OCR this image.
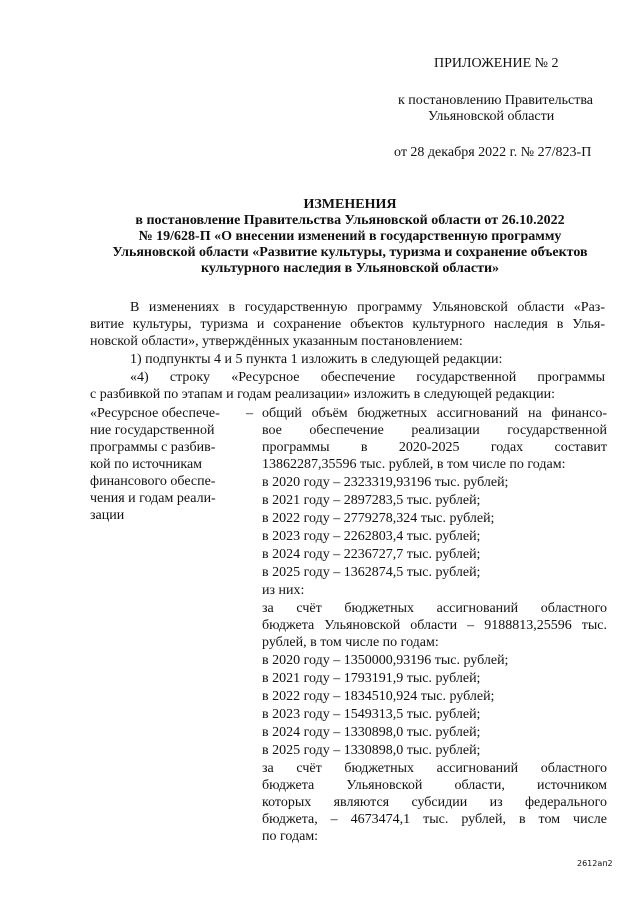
ПРИЛОЖЕНИЕ № 2
к постановлению Правительства
Ульяновской области
от 28 декабря 2022 г. № 27/823-П
ИЗМЕНЕНИЯ
в постановление Правительства Ульяновской области от 26.10.2022
№ 19/628-П «О внесении изменений в государственную программу
Ульяновской области «Развитие культуры, туризма и сохранение объектов
культурного наследия в Ульяновской области»
В изменениях в государственную программу Ульяновской области «Раз-
витие культуры, туризма и сохранение объектов культурного наследия в Улья-
новской области», утверждённых указанным постановлением:
1) подпункты 4 и 5 пункта 1 изложить в следующей редакции:
«4) строку «Ресурсное обеспечение государственной программы
с разбивкой по этапам и годам реализации» изложить в следующей редакции:
«Ресурсное обеспече-
ние государственной
программы с разбив-
кой по источникам
финансового обеспе-
чения и годам реали-
зации
– общий объём бюджетных ассигнований на финансо-
вое обеспечение реализации государственной
программы в 2020-2025 годах составит
13862287,35596 тыс. рублей, в том числе по годам:
в 2020 году – 2323319,93196 тыс. рублей;
в 2021 году – 2897283,5 тыс. рублей;
в 2022 году – 2779278,324 тыс. рублей;
в 2023 году – 2262803,4 тыс. рублей;
в 2024 году – 2236727,7 тыс. рублей;
в 2025 году – 1362874,5 тыс. рублей;
из них:
за счёт бюджетных ассигнований областного
бюджета Ульяновской области – 9188813,25596 тыс.
рублей, в том числе по годам:
в 2020 году – 1350000,93196 тыс. рублей;
в 2021 году – 1793191,9 тыс. рублей;
в 2022 году – 1834510,924 тыс. рублей;
в 2023 году – 1549313,5 тыс. рублей;
в 2024 году – 1330898,0 тыс. рублей;
в 2025 году – 1330898,0 тыс. рублей;
за счёт бюджетных ассигнований областного
бюджета Ульяновской области, источником
которых являются субсидии из федерального
бюджета, – 4673474,1 тыс. рублей, в том числе
по годам:
2612ап2
